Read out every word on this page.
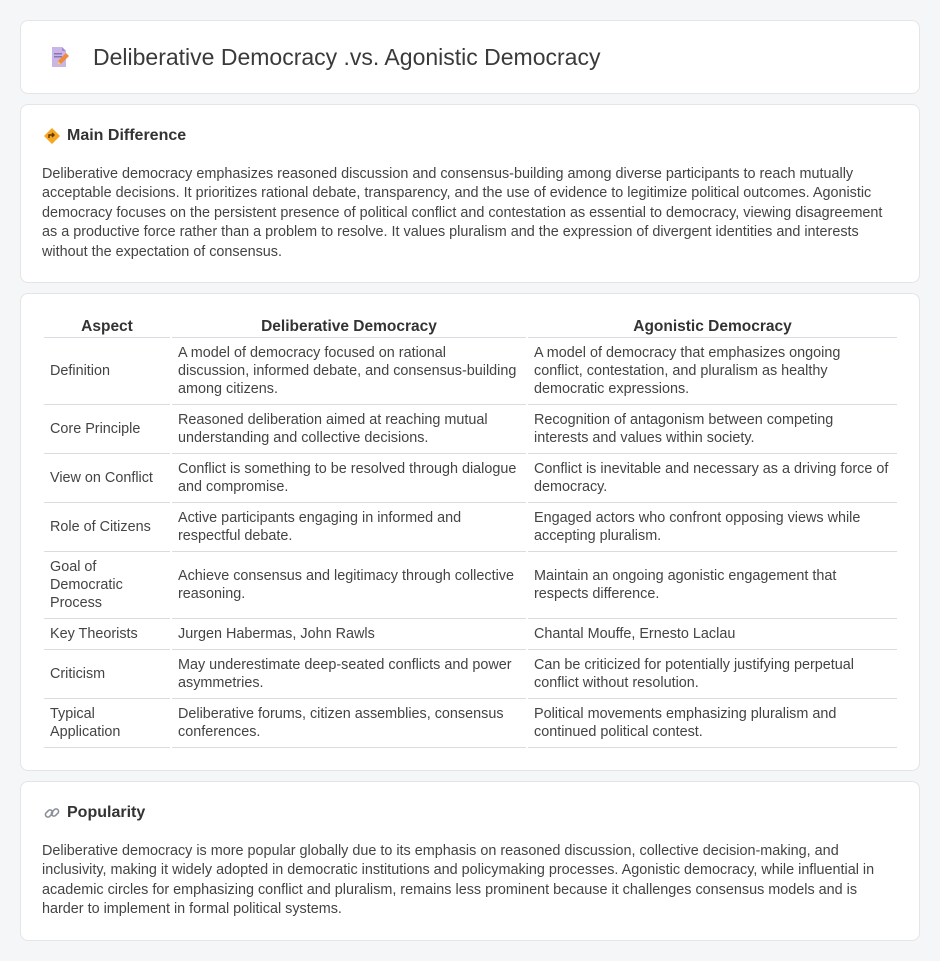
Deliberative Democracy .vs. Agonistic Democracy
Main Difference

Deliberative democracy emphasizes reasoned discussion and consensus-building among diverse participants to reach mutually acceptable decisions. It prioritizes rational debate, transparency, and the use of evidence to legitimize political outcomes. Agonistic democracy focuses on the persistent presence of political conflict and contestation as essential to democracy, viewing disagreement as a productive force rather than a problem to resolve. It values pluralism and the expression of divergent identities and interests without the expectation of consensus.

Aspect	Deliberative Democracy	Agonistic Democracy
Definition	A model of democracy focused on rational discussion, informed debate, and consensus-building among citizens.	A model of democracy that emphasizes ongoing conflict, contestation, and pluralism as healthy democratic expressions.
Core Principle	Reasoned deliberation aimed at reaching mutual understanding and collective decisions.	Recognition of antagonism between competing interests and values within society.
View on Conflict	Conflict is something to be resolved through dialogue and compromise.	Conflict is inevitable and necessary as a driving force of democracy.
Role of Citizens	Active participants engaging in informed and respectful debate.	Engaged actors who confront opposing views while accepting pluralism.
Goal of Democratic Process	Achieve consensus and legitimacy through collective reasoning.	Maintain an ongoing agonistic engagement that respects difference.
Key Theorists	Jurgen Habermas, John Rawls	Chantal Mouffe, Ernesto Laclau
Criticism	May underestimate deep-seated conflicts and power asymmetries.	Can be criticized for potentially justifying perpetual conflict without resolution.
Typical Application	Deliberative forums, citizen assemblies, consensus conferences.	Political movements emphasizing pluralism and continued political contest.
Popularity

Deliberative democracy is more popular globally due to its emphasis on reasoned discussion, collective decision-making, and inclusivity, making it widely adopted in democratic institutions and policymaking processes. Agonistic democracy, while influential in academic circles for emphasizing conflict and pluralism, remains less prominent because it challenges consensus models and is harder to implement in formal political systems.
